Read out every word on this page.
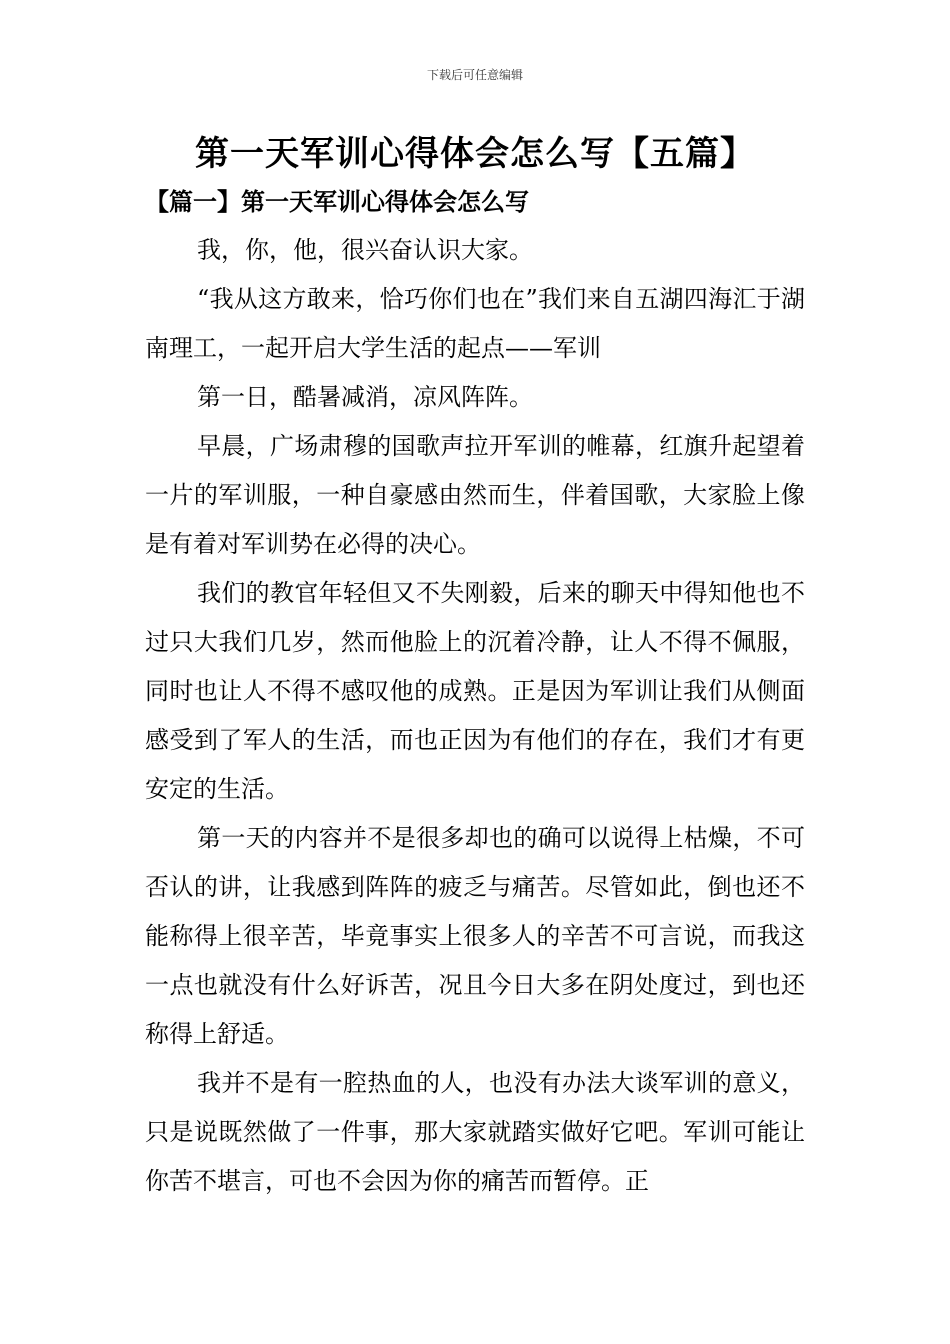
下载后可任意编辑
第一天军训心得体会怎么写【五篇】
【篇一】第一天军训心得体会怎么写

我，你，他，很兴奋认识大家。

“我从这方敢来，恰巧你们也在”我们来自五湖四海汇于湖南理工，一起开启大学生活的起点——军训

第一日，酷暑减消，凉风阵阵。

早晨，广场肃穆的国歌声拉开军训的帷幕，红旗升起望着一片的军训服，一种自豪感由然而生，伴着国歌，大家脸上像是有着对军训势在必得的决心。

我们的教官年轻但又不失刚毅，后来的聊天中得知他也不过只大我们几岁，然而他脸上的沉着冷静，让人不得不佩服，同时也让人不得不感叹他的成熟。正是因为军训让我们从侧面感受到了军人的生活，而也正因为有他们的存在，我们才有更安定的生活。

第一天的内容并不是很多却也的确可以说得上枯燥，不可否认的讲，让我感到阵阵的疲乏与痛苦。尽管如此，倒也还不能称得上很辛苦，毕竟事实上很多人的辛苦不可言说，而我这一点也就没有什么好诉苦，况且今日大多在阴处度过，到也还称得上舒适。

我并不是有一腔热血的人，也没有办法大谈军训的意义，只是说既然做了一件事，那大家就踏实做好它吧。军训可能让你苦不堪言，可也不会因为你的痛苦而暂停。正
